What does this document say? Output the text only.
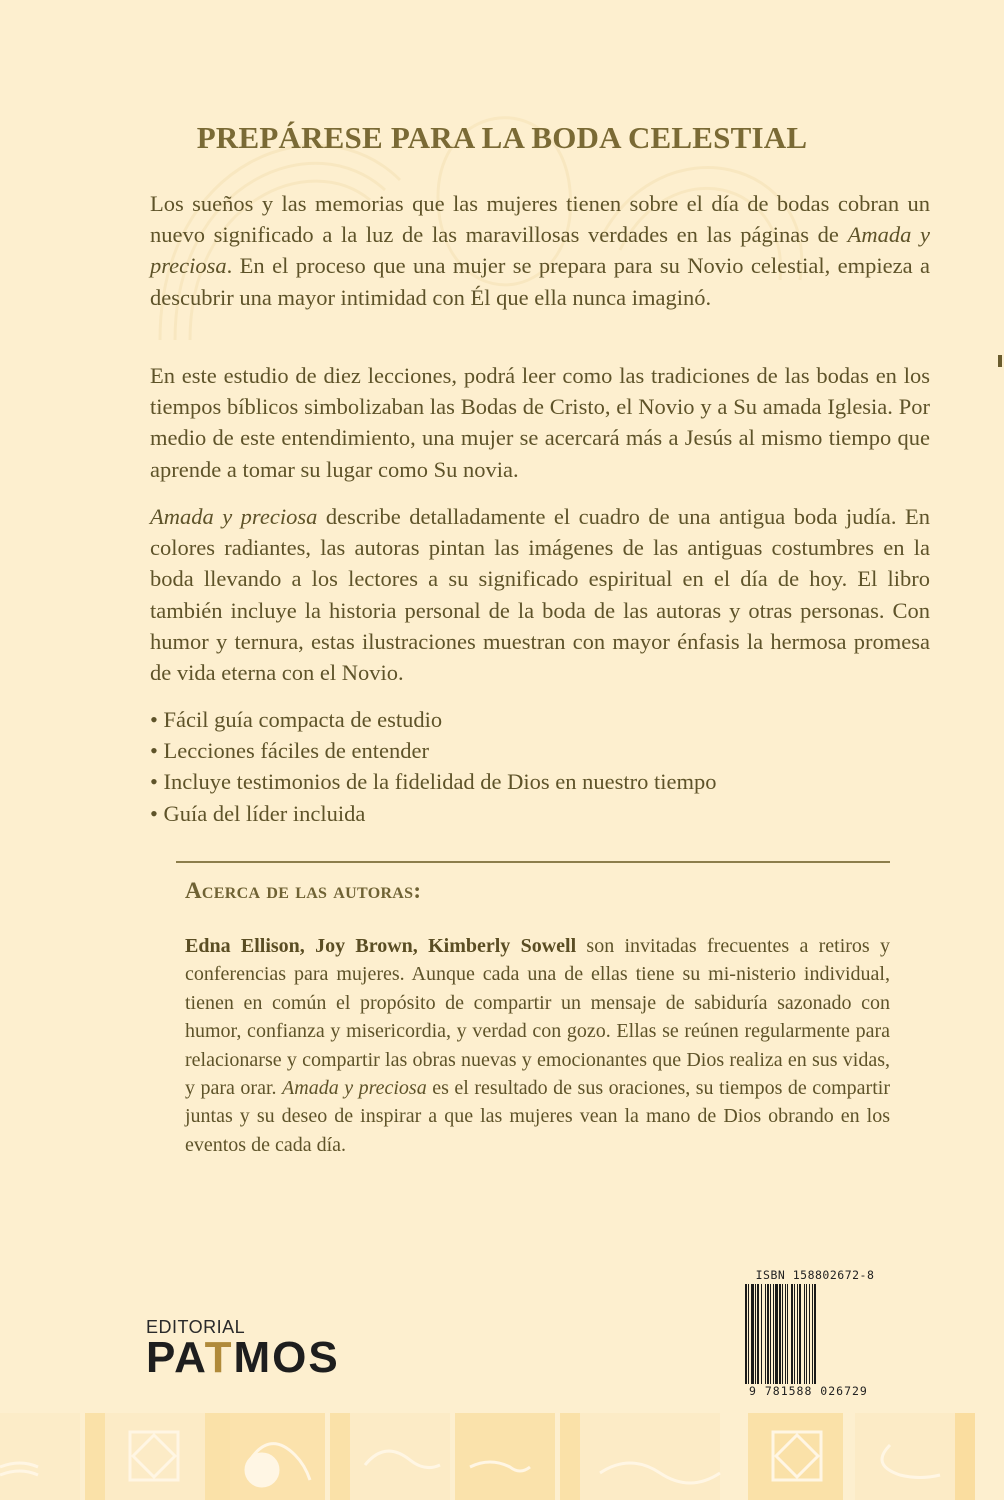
PREPÁRESE PARA LA BODA CELESTIAL

Los sueños y las memorias que las mujeres tienen sobre el día de bodas cobran un nuevo significado a la luz de las maravillosas verdades en las páginas de Amada y preciosa. En el proceso que una mujer se prepara para su Novio celestial, empieza a descubrir una mayor intimidad con Él que ella nunca imaginó.

En este estudio de diez lecciones, podrá leer como las tradiciones de las bodas en los tiempos bíblicos simbolizaban las Bodas de Cristo, el Novio y a Su amada Iglesia. Por medio de este entendimiento, una mujer se acercará más a Jesús al mismo tiempo que aprende a tomar su lugar como Su novia.

Amada y preciosa describe detalladamente el cuadro de una antigua boda judía. En colores radiantes, las autoras pintan las imágenes de las antiguas costumbres en la boda llevando a los lectores a su significado espiritual en el día de hoy. El libro también incluye la historia personal de la boda de las autoras y otras personas. Con humor y ternura, estas ilustraciones muestran con mayor énfasis la hermosa promesa de vida eterna con el Novio.

• Fácil guía compacta de estudio
• Lecciones fáciles de entender
• Incluye testimonios de la fidelidad de Dios en nuestro tiempo
• Guía del líder incluida
Acerca de las autoras:

Edna Ellison, Joy Brown, Kimberly Sowell son invitadas frecuentes a retiros y conferencias para mujeres. Aunque cada una de ellas tiene su mi-nisterio individual, tienen en común el propósito de compartir un mensaje de sabiduría sazonado con humor, confianza y misericordia, y verdad con gozo. Ellas se reúnen regularmente para relacionarse y compartir las obras nuevas y emocionantes que Dios realiza en sus vidas, y para orar. Amada y preciosa es el resultado de sus oraciones, su tiempos de compartir juntas y su deseo de inspirar a que las mujeres vean la mano de Dios obrando en los eventos de cada día.

EDITORIAL
PATMOS
ISBN 158802672-8
9 781588 026729
